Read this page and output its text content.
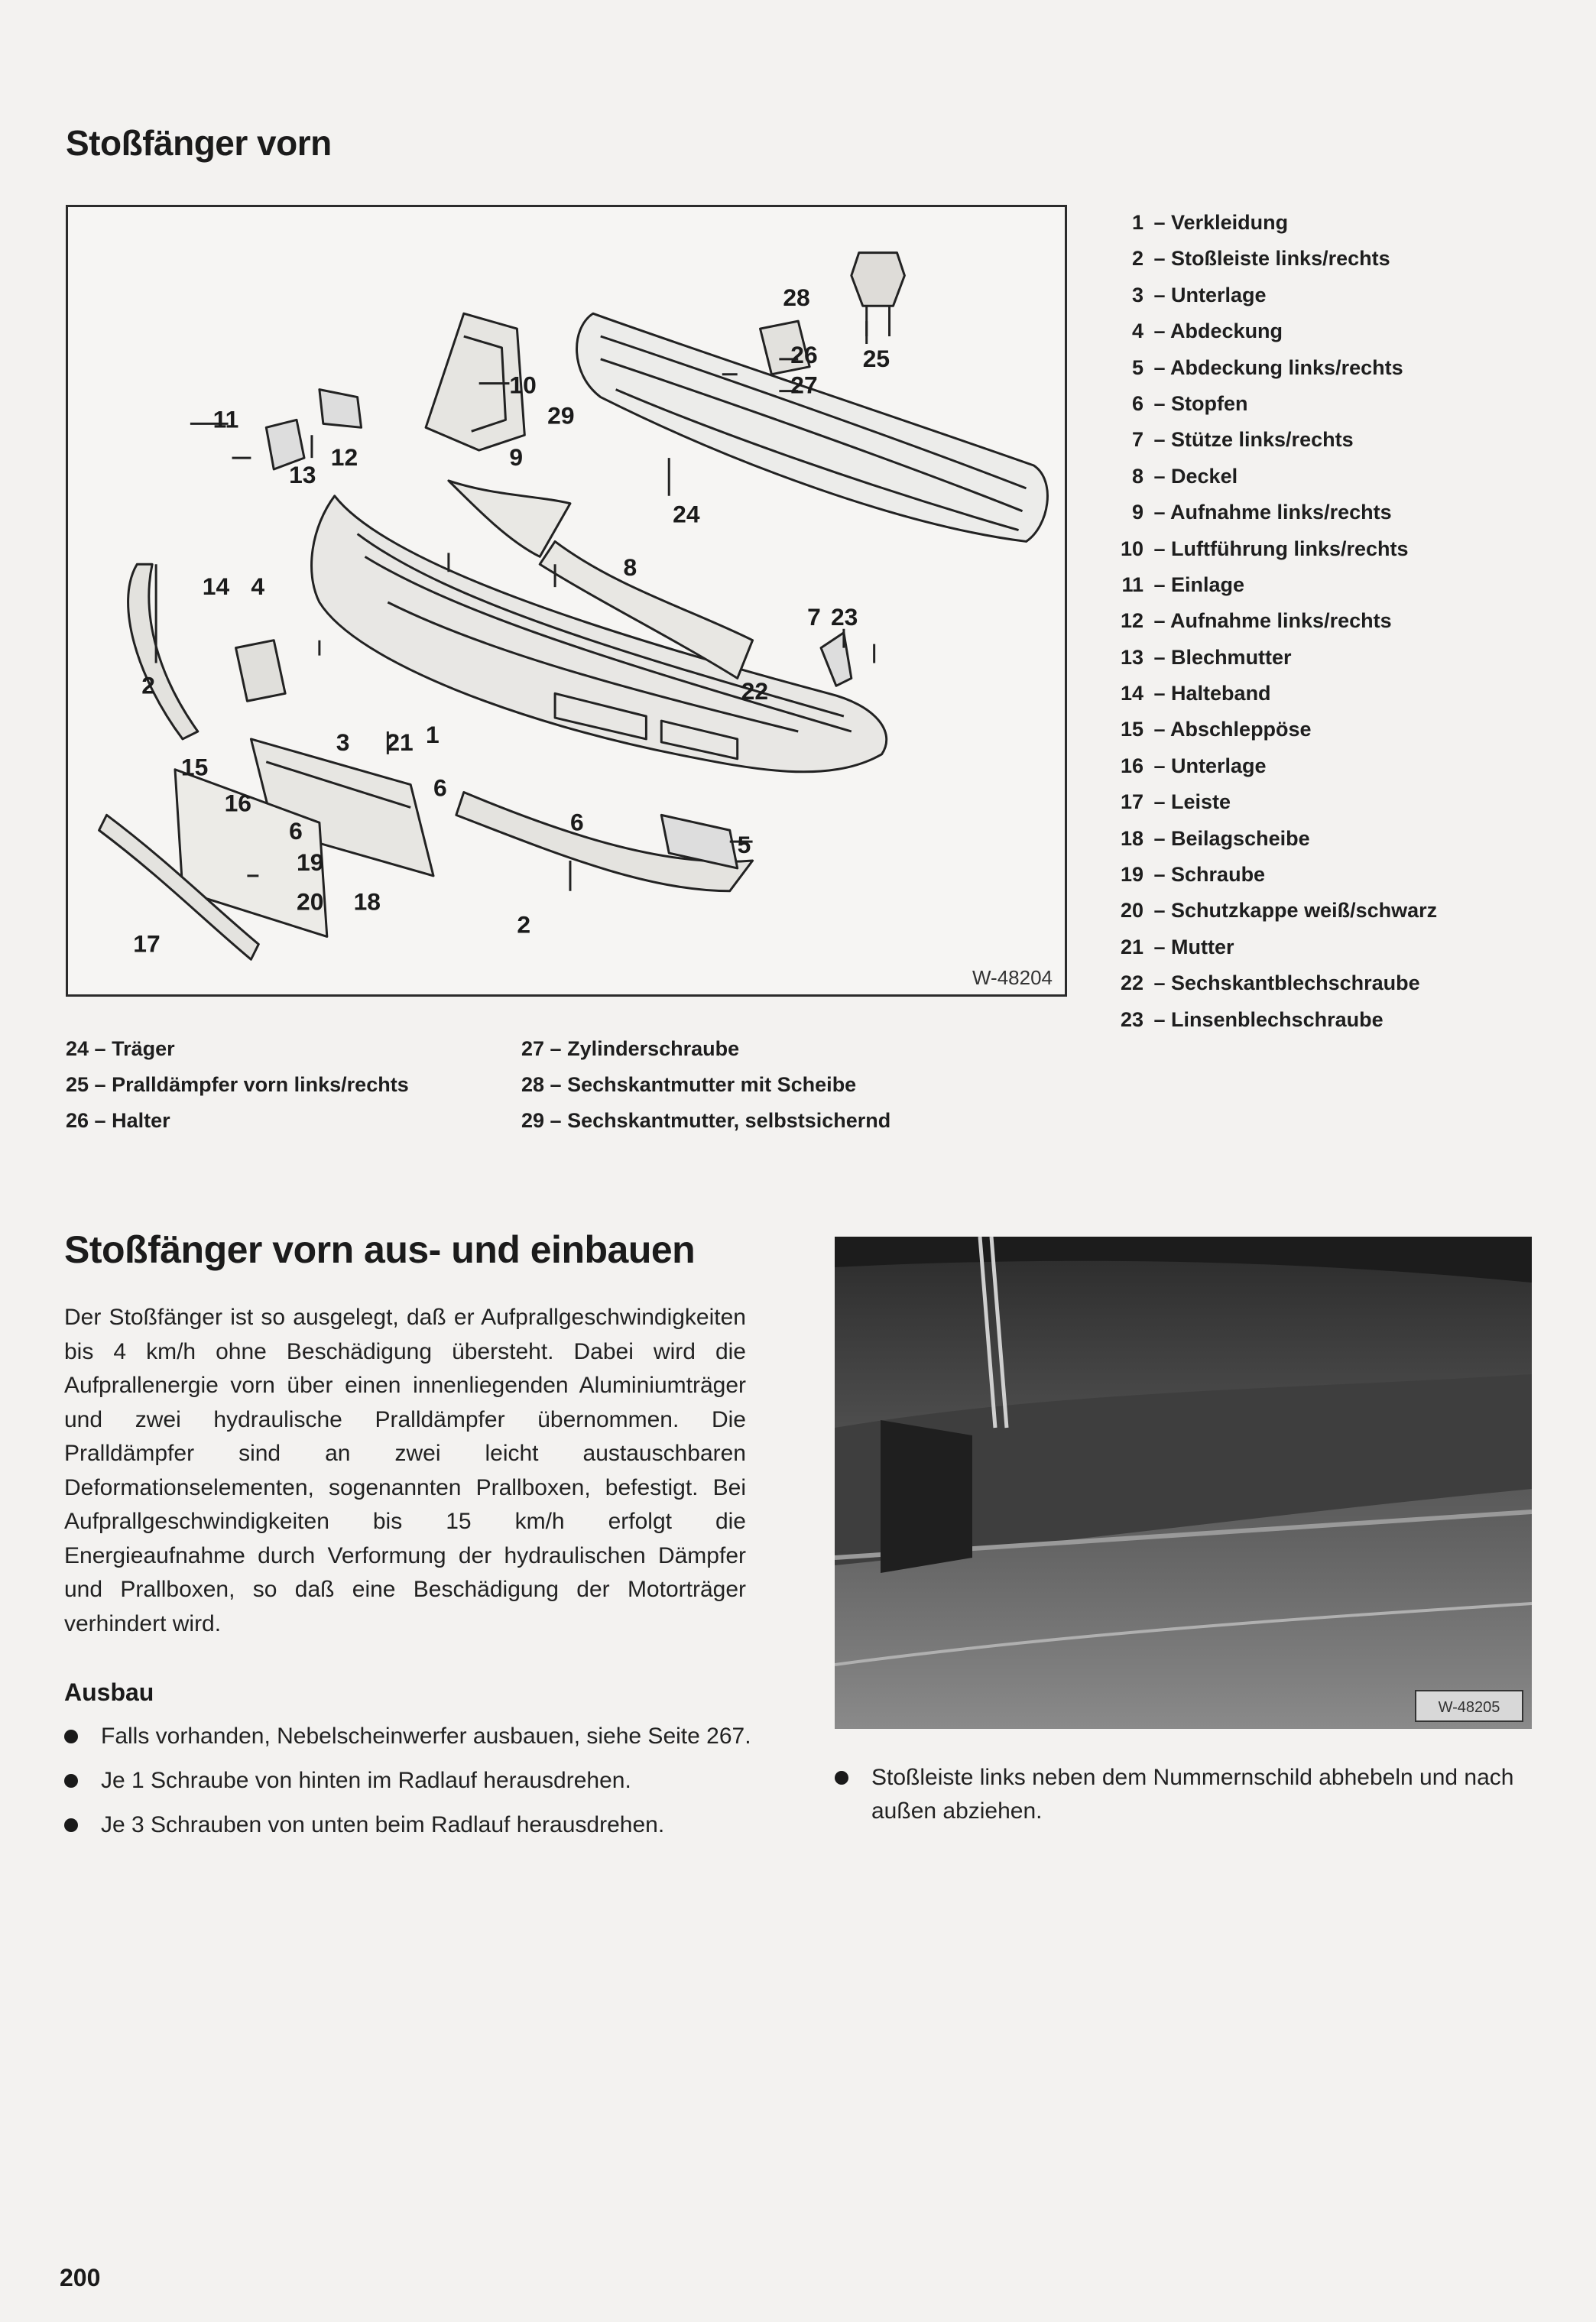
Stoßfänger vorn
28
26 25
27
10
29
11
12
13
9
24
8
14 4
7 23
2	22
3 21 1
15
16
6
6
6
5
19
20 18
17
2
W-48204
1 – Verkleidung
2 – Stoßleiste links/rechts
3 – Unterlage
4 – Abdeckung
5 – Abdeckung links/rechts
6 – Stopfen
7 – Stütze links/rechts
8 – Deckel
9 – Aufnahme links/rechts
10 – Luftführung links/rechts
11 – Einlage
12 – Aufnahme links/rechts
13 – Blechmutter
14 – Halteband
15 – Abschleppöse
16 – Unterlage
17 – Leiste
18 – Beilagscheibe
19 – Schraube
20 – Schutzkappe weiß/schwarz
21 – Mutter
22 – Sechskantblechschraube
23 – Linsenblechschraube
24 – Träger
25 – Pralldämpfer vorn links/rechts
26 – Halter
27 – Zylinderschraube
28 – Sechskantmutter mit Scheibe
29 – Sechskantmutter, selbstsichernd
Stoßfänger vorn aus- und einbauen

Der Stoßfänger ist so ausgelegt, daß er Aufprallgeschwindigkeiten bis 4 km/h ohne Beschädigung übersteht. Dabei wird die Aufprallenergie vorn über einen innenliegenden Aluminiumträger und zwei hydraulische Pralldämpfer übernommen. Die Pralldämpfer sind an zwei leicht austauschbaren Deformationselementen, sogenannten Prallboxen, befestigt. Bei Aufprallgeschwindigkeiten bis 15 km/h erfolgt die Energieaufnahme durch Verformung der hydraulischen Dämpfer und Prallboxen, so daß eine Beschädigung der Motorträger verhindert wird.

Ausbau
Falls vorhanden, Nebelscheinwerfer ausbauen, siehe Seite 267.
Je 1 Schraube von hinten im Radlauf herausdrehen.
Je 3 Schrauben von unten beim Radlauf herausdrehen.
W-48205
Stoßleiste links neben dem Nummernschild abhebeln und nach außen abziehen.
200
